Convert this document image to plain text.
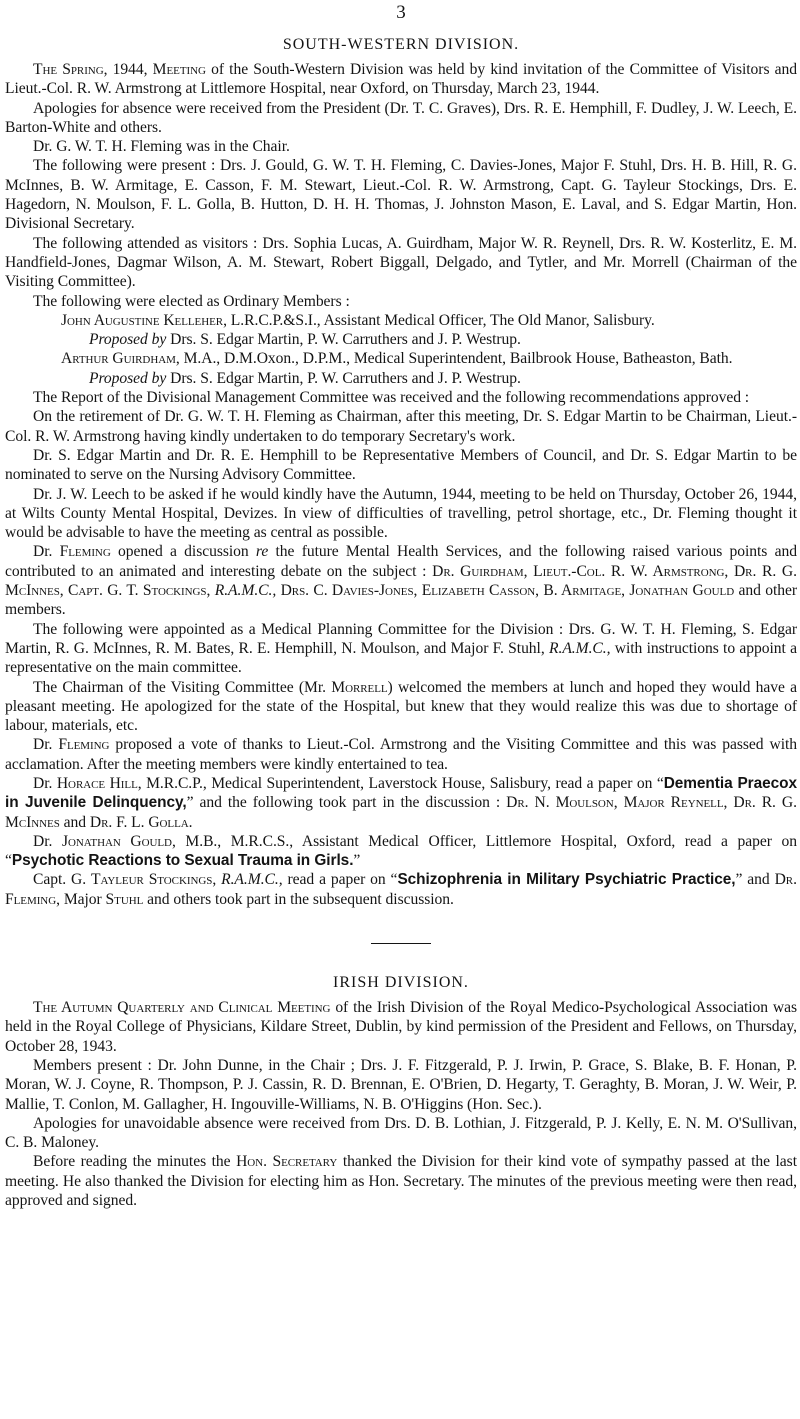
3
SOUTH-WESTERN DIVISION.

The Spring, 1944, Meeting of the South-Western Division was held by kind invitation of the Committee of Visitors and Lieut.-Col. R. W. Armstrong at Littlemore Hospital, near Oxford, on Thursday, March 23, 1944.

Apologies for absence were received from the President (Dr. T. C. Graves), Drs. R. E. Hemphill, F. Dudley, J. W. Leech, E. Barton-White and others.

Dr. G. W. T. H. Fleming was in the Chair.

The following were present : Drs. J. Gould, G. W. T. H. Fleming, C. Davies-Jones, Major F. Stuhl, Drs. H. B. Hill, R. G. McInnes, B. W. Armitage, E. Casson, F. M. Stewart, Lieut.-Col. R. W. Armstrong, Capt. G. Tayleur Stockings, Drs. E. Hagedorn, N. Moulson, F. L. Golla, B. Hutton, D. H. H. Thomas, J. Johnston Mason, E. Laval, and S. Edgar Martin, Hon. Divisional Secretary.

The following attended as visitors : Drs. Sophia Lucas, A. Guirdham, Major W. R. Reynell, Drs. R. W. Kosterlitz, E. M. Handfield-Jones, Dagmar Wilson, A. M. Stewart, Robert Biggall, Delgado, and Tytler, and Mr. Morrell (Chairman of the Visiting Committee).

The following were elected as Ordinary Members :

John Augustine Kelleher, L.R.C.P.&S.I., Assistant Medical Officer, The Old Manor, Salisbury.

Proposed by Drs. S. Edgar Martin, P. W. Carruthers and J. P. Westrup.

Arthur Guirdham, M.A., D.M.Oxon., D.P.M., Medical Superintendent, Bailbrook House, Batheaston, Bath.

Proposed by Drs. S. Edgar Martin, P. W. Carruthers and J. P. Westrup.

The Report of the Divisional Management Committee was received and the following recommendations approved :

On the retirement of Dr. G. W. T. H. Fleming as Chairman, after this meeting, Dr. S. Edgar Martin to be Chairman, Lieut.-Col. R. W. Armstrong having kindly undertaken to do temporary Secretary's work.

Dr. S. Edgar Martin and Dr. R. E. Hemphill to be Representative Members of Council, and Dr. S. Edgar Martin to be nominated to serve on the Nursing Advisory Committee.

Dr. J. W. Leech to be asked if he would kindly have the Autumn, 1944, meeting to be held on Thursday, October 26, 1944, at Wilts County Mental Hospital, Devizes. In view of difficulties of travelling, petrol shortage, etc., Dr. Fleming thought it would be advisable to have the meeting as central as possible.

Dr. Fleming opened a discussion re the future Mental Health Services, and the following raised various points and contributed to an animated and interesting debate on the subject : Dr. Guirdham, Lieut.-Col. R. W. Armstrong, Dr. R. G. McInnes, Capt. G. T. Stockings, R.A.M.C., Drs. C. Davies-Jones, Elizabeth Casson, B. Armitage, Jonathan Gould and other members.

The following were appointed as a Medical Planning Committee for the Division : Drs. G. W. T. H. Fleming, S. Edgar Martin, R. G. McInnes, R. M. Bates, R. E. Hemphill, N. Moulson, and Major F. Stuhl, R.A.M.C., with instructions to appoint a representative on the main committee.

The Chairman of the Visiting Committee (Mr. Morrell) welcomed the members at lunch and hoped they would have a pleasant meeting. He apologized for the state of the Hospital, but knew that they would realize this was due to shortage of labour, materials, etc.

Dr. Fleming proposed a vote of thanks to Lieut.-Col. Armstrong and the Visiting Committee and this was passed with acclamation. After the meeting members were kindly entertained to tea.

Dr. Horace Hill, M.R.C.P., Medical Superintendent, Laverstock House, Salisbury, read a paper on “Dementia Praecox in Juvenile Delinquency,” and the following took part in the discussion : Dr. N. Moulson, Major Reynell, Dr. R. G. McInnes and Dr. F. L. Golla.

Dr. Jonathan Gould, M.B., M.R.C.S., Assistant Medical Officer, Littlemore Hospital, Oxford, read a paper on “Psychotic Reactions to Sexual Trauma in Girls.”

Capt. G. Tayleur Stockings, R.A.M.C., read a paper on “Schizophrenia in Military Psychiatric Practice,” and Dr. Fleming, Major Stuhl and others took part in the subsequent discussion.

IRISH DIVISION.

The Autumn Quarterly and Clinical Meeting of the Irish Division of the Royal Medico-Psychological Association was held in the Royal College of Physicians, Kildare Street, Dublin, by kind permission of the President and Fellows, on Thursday, October 28, 1943.

Members present : Dr. John Dunne, in the Chair ; Drs. J. F. Fitzgerald, P. J. Irwin, P. Grace, S. Blake, B. F. Honan, P. Moran, W. J. Coyne, R. Thompson, P. J. Cassin, R. D. Brennan, E. O'Brien, D. Hegarty, T. Geraghty, B. Moran, J. W. Weir, P. Mallie, T. Conlon, M. Gallagher, H. Ingouville-Williams, N. B. O'Higgins (Hon. Sec.).

Apologies for unavoidable absence were received from Drs. D. B. Lothian, J. Fitzgerald, P. J. Kelly, E. N. M. O'Sullivan, C. B. Maloney.

Before reading the minutes the Hon. Secretary thanked the Division for their kind vote of sympathy passed at the last meeting. He also thanked the Division for electing him as Hon. Secretary. The minutes of the previous meeting were then read, approved and signed.
